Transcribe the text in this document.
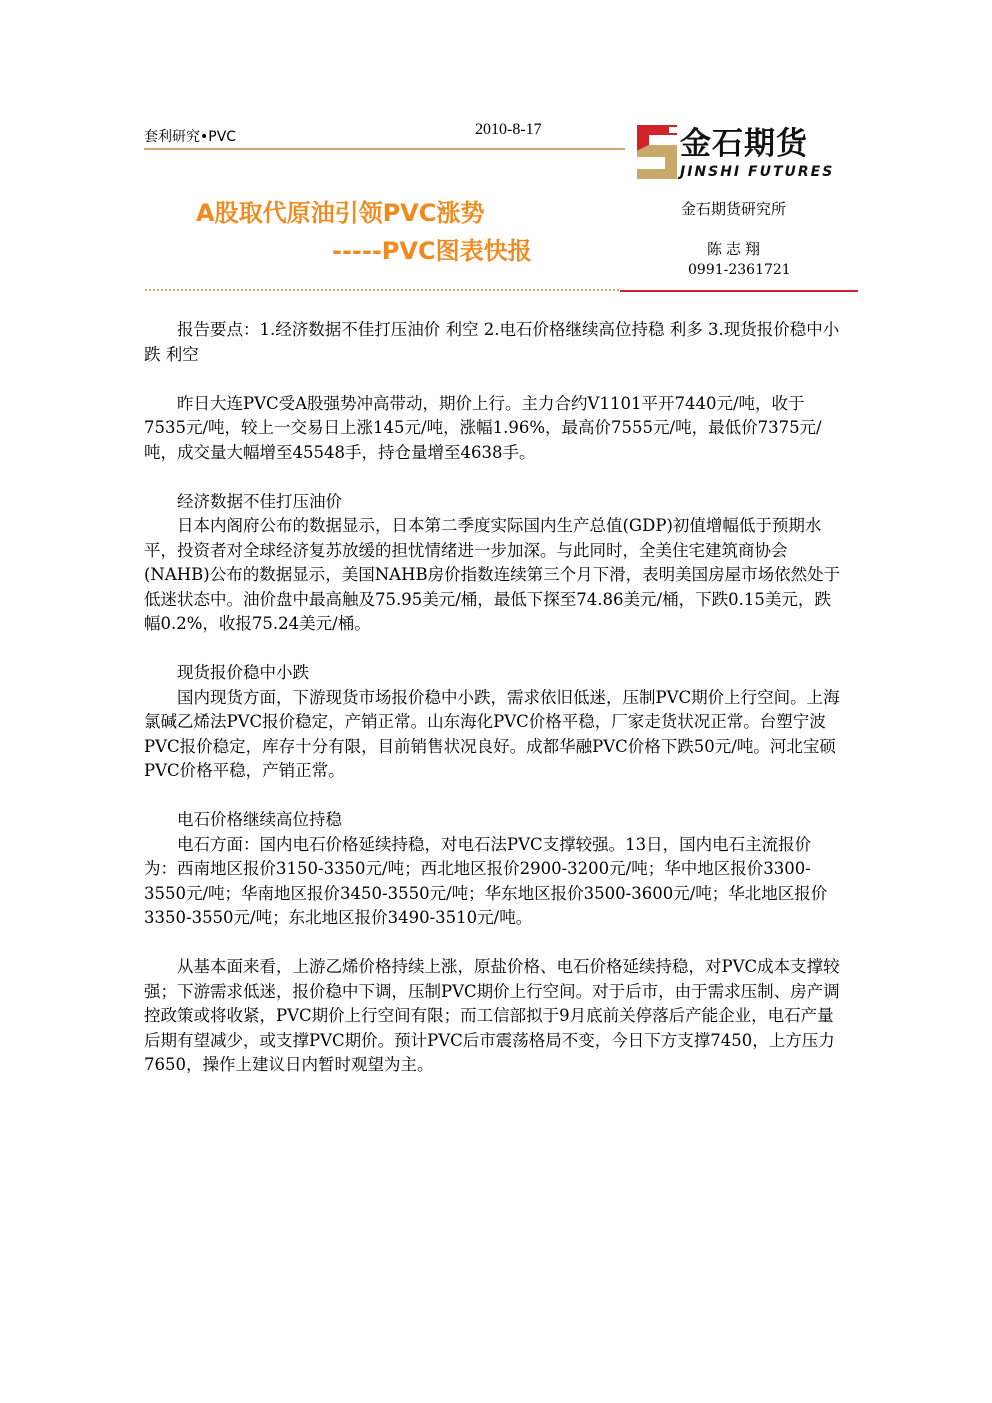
套利研究•PVC	2010-8-17	金石期货
JINSHI FUTURES
A股取代原油引领PVC涨势
-----PVC图表快报
金石期货研究所
陈志翔
0991-2361721

报告要点：1.经济数据不佳打压油价 利空 2.电石价格继续高位持稳 利多 3.现货报价稳中小跌 利空

昨日大连PVC受A股强势冲高带动，期价上行。主力合约V1101平开7440元/吨，收于7535元/吨，较上一交易日上涨145元/吨，涨幅1.96%，最高价7555元/吨，最低价7375元/吨，成交量大幅增至45548手，持仓量增至4638手。

经济数据不佳打压油价

日本内阁府公布的数据显示，日本第二季度实际国内生产总值(GDP)初值增幅低于预期水平，投资者对全球经济复苏放缓的担忧情绪进一步加深。与此同时，全美住宅建筑商协会(NAHB)公布的数据显示，美国NAHB房价指数连续第三个月下滑，表明美国房屋市场依然处于低迷状态中。油价盘中最高触及75.95美元/桶，最低下探至74.86美元/桶，下跌0.15美元，跌幅0.2%，收报75.24美元/桶。

现货报价稳中小跌

国内现货方面，下游现货市场报价稳中小跌，需求依旧低迷，压制PVC期价上行空间。上海氯碱乙烯法PVC报价稳定，产销正常。山东海化PVC价格平稳，厂家走货状况正常。台塑宁波PVC报价稳定，库存十分有限，目前销售状况良好。成都华融PVC价格下跌50元/吨。河北宝硕PVC价格平稳，产销正常。

电石价格继续高位持稳

电石方面：国内电石价格延续持稳，对电石法PVC支撑较强。13日，国内电石主流报价为：西南地区报价3150-3350元/吨；西北地区报价2900-3200元/吨；华中地区报价3300-3550元/吨；华南地区报价3450-3550元/吨；华东地区报价3500-3600元/吨；华北地区报价3350-3550元/吨；东北地区报价3490-3510元/吨。

从基本面来看，上游乙烯价格持续上涨，原盐价格、电石价格延续持稳，对PVC成本支撑较强；下游需求低迷，报价稳中下调，压制PVC期价上行空间。对于后市，由于需求压制、房产调控政策或将收紧，PVC期价上行空间有限；而工信部拟于9月底前关停落后产能企业，电石产量后期有望减少，或支撑PVC期价。预计PVC后市震荡格局不变，今日下方支撑7450，上方压力7650，操作上建议日内暂时观望为主。
